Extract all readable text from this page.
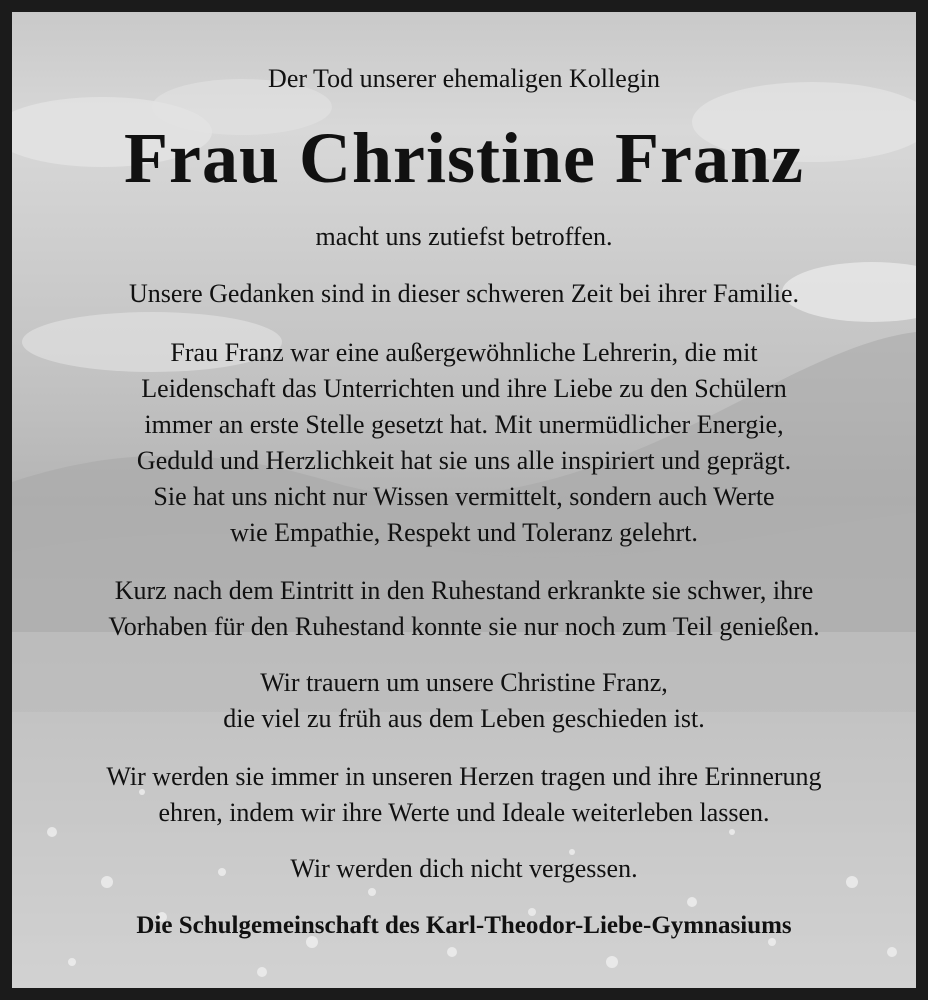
Der Tod unserer ehemaligen Kollegin
Frau Christine Franz
macht uns zutiefst betroffen.
Unsere Gedanken sind in dieser schweren Zeit bei ihrer Familie.
Frau Franz war eine außergewöhnliche Lehrerin, die mit
Leidenschaft das Unterrichten und ihre Liebe zu den Schülern
immer an erste Stelle gesetzt hat. Mit unermüdlicher Energie,
Geduld und Herzlichkeit hat sie uns alle inspiriert und geprägt.
Sie hat uns nicht nur Wissen vermittelt, sondern auch Werte
wie Empathie, Respekt und Toleranz gelehrt.
Kurz nach dem Eintritt in den Ruhestand erkrankte sie schwer, ihre
Vorhaben für den Ruhestand konnte sie nur noch zum Teil genießen.
Wir trauern um unsere Christine Franz,
die viel zu früh aus dem Leben geschieden ist.
Wir werden sie immer in unseren Herzen tragen und ihre Erinnerung
ehren, indem wir ihre Werte und Ideale weiterleben lassen.
Wir werden dich nicht vergessen.
Die Schulgemeinschaft des Karl-Theodor-Liebe-Gymnasiums
